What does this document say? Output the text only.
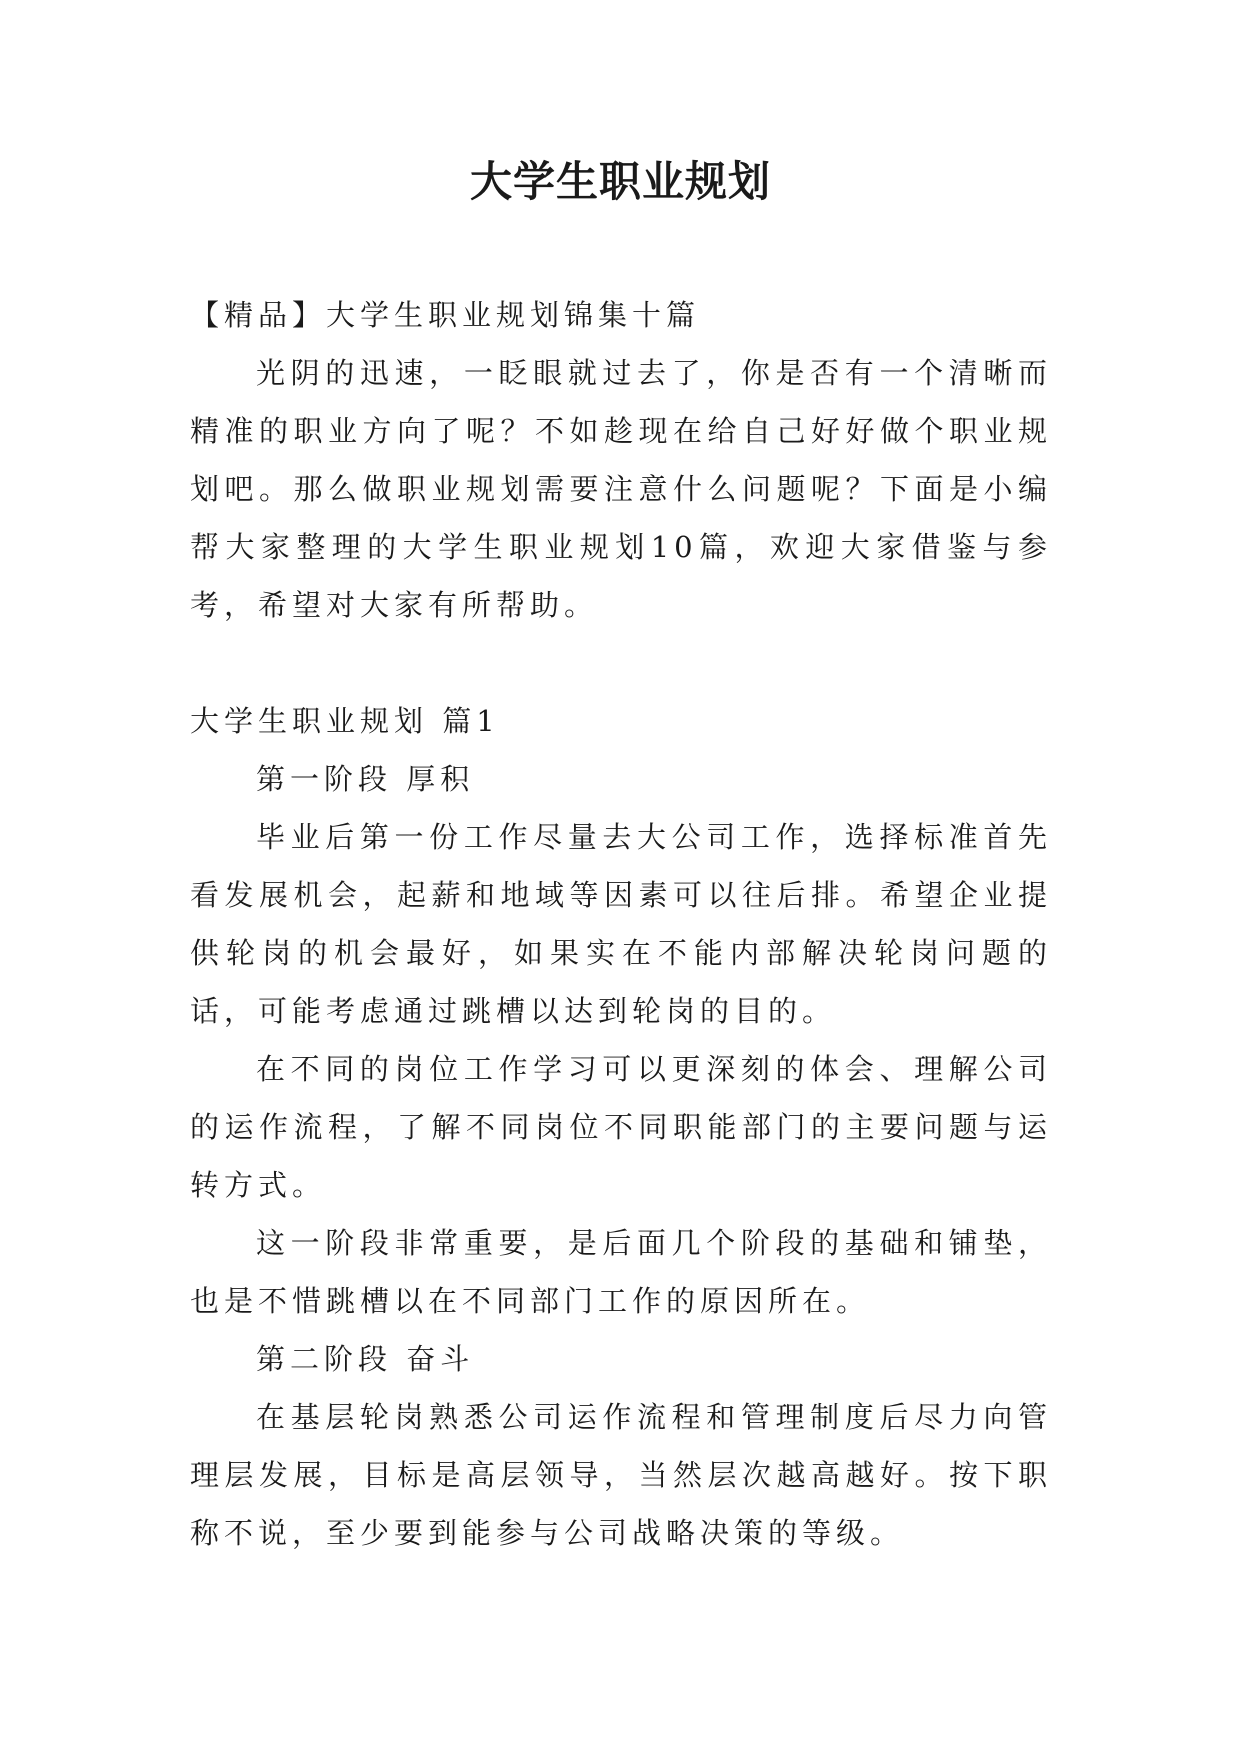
大学生职业规划

【精品】大学生职业规划锦集十篇

光阴的迅速，一眨眼就过去了，你是否有一个清晰而精准的职业方向了呢？不如趁现在给自己好好做个职业规划吧。那么做职业规划需要注意什么问题呢？下面是小编帮大家整理的大学生职业规划10篇，欢迎大家借鉴与参考，希望对大家有所帮助。

大学生职业规划 篇1

第一阶段 厚积

毕业后第一份工作尽量去大公司工作，选择标准首先看发展机会，起薪和地域等因素可以往后排。希望企业提供轮岗的机会最好，如果实在不能内部解决轮岗问题的话，可能考虑通过跳槽以达到轮岗的目的。

在不同的岗位工作学习可以更深刻的体会、理解公司的运作流程，了解不同岗位不同职能部门的主要问题与运转方式。

这一阶段非常重要，是后面几个阶段的基础和铺垫，也是不惜跳槽以在不同部门工作的原因所在。

第二阶段 奋斗

在基层轮岗熟悉公司运作流程和管理制度后尽力向管理层发展，目标是高层领导，当然层次越高越好。按下职称不说，至少要到能参与公司战略决策的等级。
